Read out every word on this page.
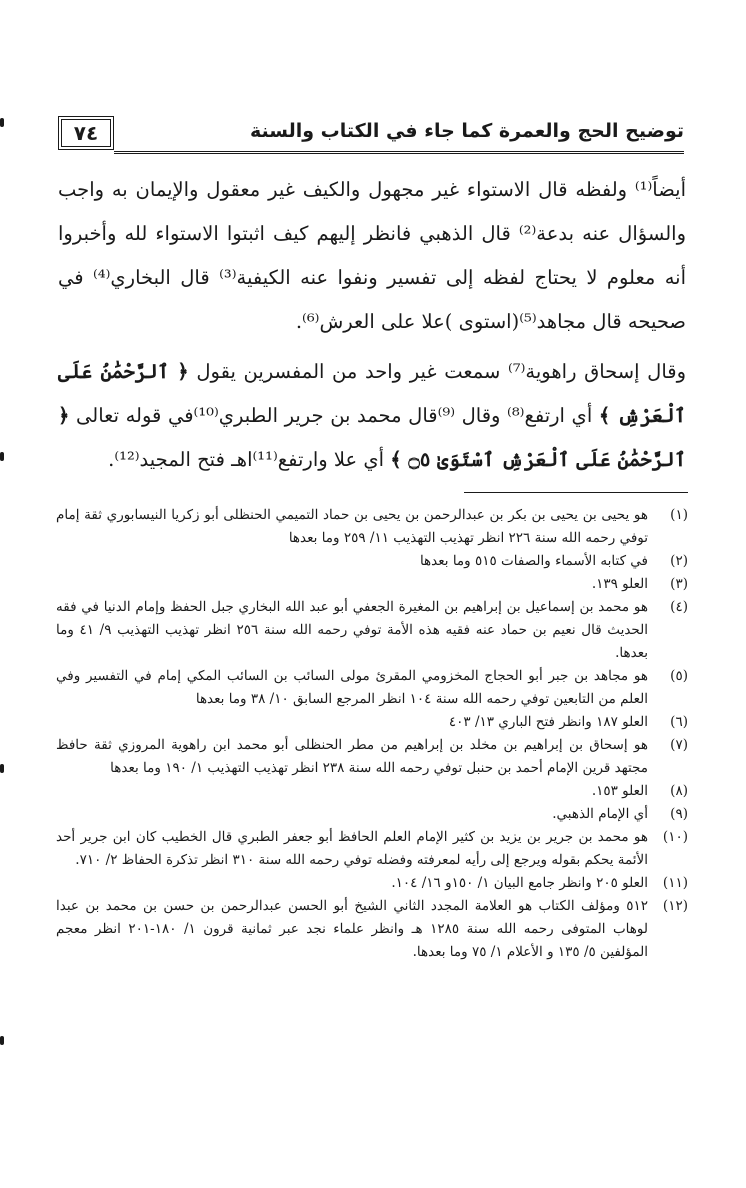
توضيح الحج والعمرة كما جاء في الكتاب والسنة
٧٤

أيضاً⁽¹⁾ ولفظه قال الاستواء غير مجهول والكيف غير معقول والإيمان به واجب والسؤال عنه بدعة⁽²⁾ قال الذهبي فانظر إليهم كيف اثبتوا الاستواء لله وأخبروا أنه معلوم لا يحتاج لفظه إلى تفسير ونفوا عنه الكيفية⁽³⁾ قال البخاري⁽⁴⁾ في صحيحه قال مجاهد⁽⁵⁾(استوى )علا على العرش⁽⁶⁾.

وقال إسحاق راهوية⁽⁷⁾ سمعت غير واحد من المفسرين يقول ﴿ ٱلرَّحْمَٰنُ عَلَى ٱلْعَرْشِ ﴾ أي ارتفع⁽⁸⁾ وقال ⁽⁹⁾قال محمد بن جرير الطبري⁽¹⁰⁾في قوله تعالى ﴿ ٱلرَّحْمَٰنُ عَلَى ٱلْعَرْشِ ٱسْتَوَىٰ ۝٥ ﴾ أي علا وارتفع⁽¹¹⁾اهـ فتح المجيد⁽¹²⁾.

(١)
هو يحيى بن يحيى بن بكر بن عبدالرحمن بن يحيى بن حماد التميمي الحنظلى أبو زكريا النيسابوري ثقة إمام توفي رحمه الله سنة ٢٢٦ انظر تهذيب التهذيب ١١/ ٢٥٩ وما بعدها
(٢)
في كتابه الأسماء والصفات ٥١٥ وما بعدها
(٣)
العلو ١٣٩.
(٤)
هو محمد بن إسماعيل بن إبراهيم بن المغيرة الجعفي أبو عبد الله البخاري جبل الحفظ وإمام الدنيا في فقه الحديث قال نعيم بن حماد عنه فقيه هذه الأمة توفي رحمه الله سنة ٢٥٦ انظر تهذيب التهذيب ٩/ ٤١ وما بعدها.
(٥)
هو مجاهد بن جبر أبو الحجاج المخزومي المقرئ مولى السائب بن السائب المكي إمام في التفسير وفي العلم من التابعين توفي رحمه الله سنة ١٠٤ انظر المرجع السابق ١٠/ ٣٨ وما بعدها
(٦)
العلو ١٨٧ وانظر فتح الباري ١٣/ ٤٠٣
(٧)
هو إسحاق بن إبراهيم بن مخلد بن إبراهيم من مطر الحنظلى أبو محمد ابن راهوية المروزي ثقة حافظ مجتهد قرين الإمام أحمد بن حنبل توفي رحمه الله سنة ٢٣٨ انظر تهذيب التهذيب ١/ ١٩٠ وما بعدها
(٨)
العلو ١٥٣.
(٩)
أي الإمام الذهبي.
(١٠)
هو محمد بن جرير بن يزيد بن كثير الإمام العلم الحافظ أبو جعفر الطبري قال الخطيب كان ابن جرير أحد الأئمة يحكم بقوله ويرجع إلى رأيه لمعرفته وفضله توفي رحمه الله سنة ٣١٠ انظر تذكرة الحفاظ ٢/ ٧١٠.
(١١)
العلو ٢٠٥ وانظر جامع البيان ١/ ١٥٠و ١٦/ ١٠٤.
(١٢)
٥١٢ ومؤلف الكتاب هو العلامة المجدد الثاني الشيخ أبو الحسن عبدالرحمن بن حسن بن محمد بن عبدا لوهاب المتوفى رحمه الله سنة ١٢٨٥ هـ وانظر علماء نجد عبر ثمانية قرون ١/ ١٨٠-٢٠١ انظر معجم المؤلفين ٥/ ١٣٥ و الأعلام ١/ ٧٥ وما بعدها.
